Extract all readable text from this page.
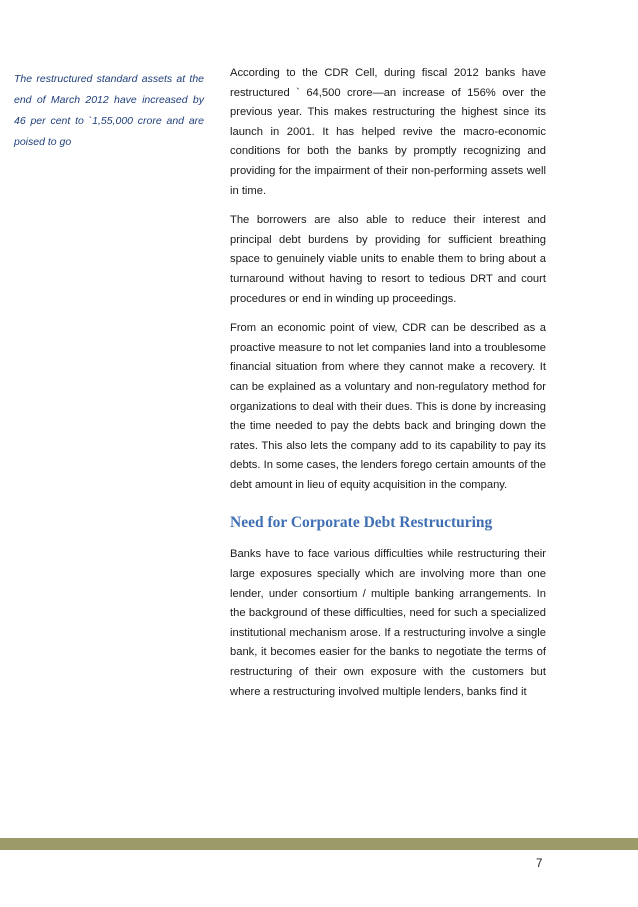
The restructured standard assets at the end of March 2012 have increased by 46 per cent to `1,55,000 crore and are poised to go

According to the CDR Cell, during fiscal 2012 banks have restructured ` 64,500 crore—an increase of 156% over the previous year. This makes restructuring the highest since its launch in 2001. It has helped revive the macro-economic conditions for both the banks by promptly recognizing and providing for the impairment of their non-performing assets well in time.

The borrowers are also able to reduce their interest and principal debt burdens by providing for sufficient breathing space to genuinely viable units to enable them to bring about a turnaround without having to resort to tedious DRT and court procedures or end in winding up proceedings.

From an economic point of view, CDR can be described as a proactive measure to not let companies land into a troublesome financial situation from where they cannot make a recovery. It can be explained as a voluntary and non-regulatory method for organizations to deal with their dues. This is done by increasing the time needed to pay the debts back and bringing down the rates. This also lets the company add to its capability to pay its debts. In some cases, the lenders forego certain amounts of the debt amount in lieu of equity acquisition in the company.

Need for Corporate Debt Restructuring

Banks have to face various difficulties while restructuring their large exposures specially which are involving more than one lender, under consortium / multiple banking arrangements. In the background of these difficulties, need for such a specialized institutional mechanism arose. If a restructuring involve a single bank, it becomes easier for the banks to negotiate the terms of restructuring of their own exposure with the customers but where a restructuring involved multiple lenders, banks find it

7
